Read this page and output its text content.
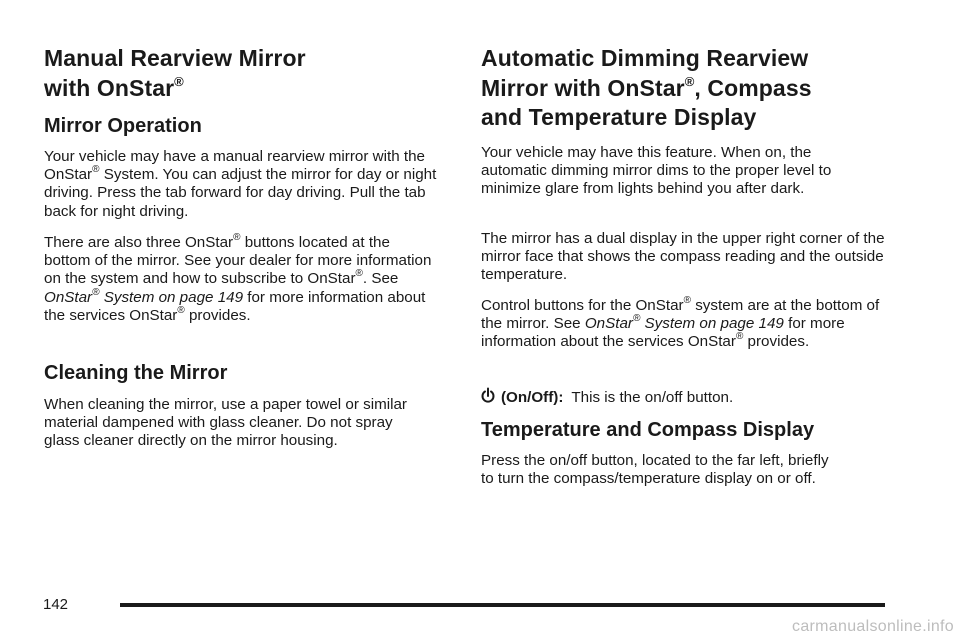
Manual Rearview Mirror
with OnStar®
Mirror Operation

Your vehicle may have a manual rearview mirror with the OnStar® System. You can adjust the mirror for day or night driving. Press the tab forward for day driving. Pull the tab back for night driving.

There are also three OnStar® buttons located at the bottom of the mirror. See your dealer for more information on the system and how to subscribe to OnStar®. See OnStar® System on page 149 for more information about the services OnStar® provides.

Cleaning the Mirror

When cleaning the mirror, use a paper towel or similar material dampened with glass cleaner. Do not spray glass cleaner directly on the mirror housing.

Automatic Dimming Rearview
Mirror with OnStar®, Compass
and Temperature Display

Your vehicle may have this feature. When on, the automatic dimming mirror dims to the proper level to minimize glare from lights behind you after dark.

The mirror has a dual display in the upper right corner of the mirror face that shows the compass reading and the outside temperature.

Control buttons for the OnStar® system are at the bottom of the mirror. See OnStar® System on page 149 for more information about the services OnStar® provides.

(On/Off): This is the on/off button.

Temperature and Compass Display

Press the on/off button, located to the far left, briefly to turn the compass/temperature display on or off.

142

carmanualsonline.info
